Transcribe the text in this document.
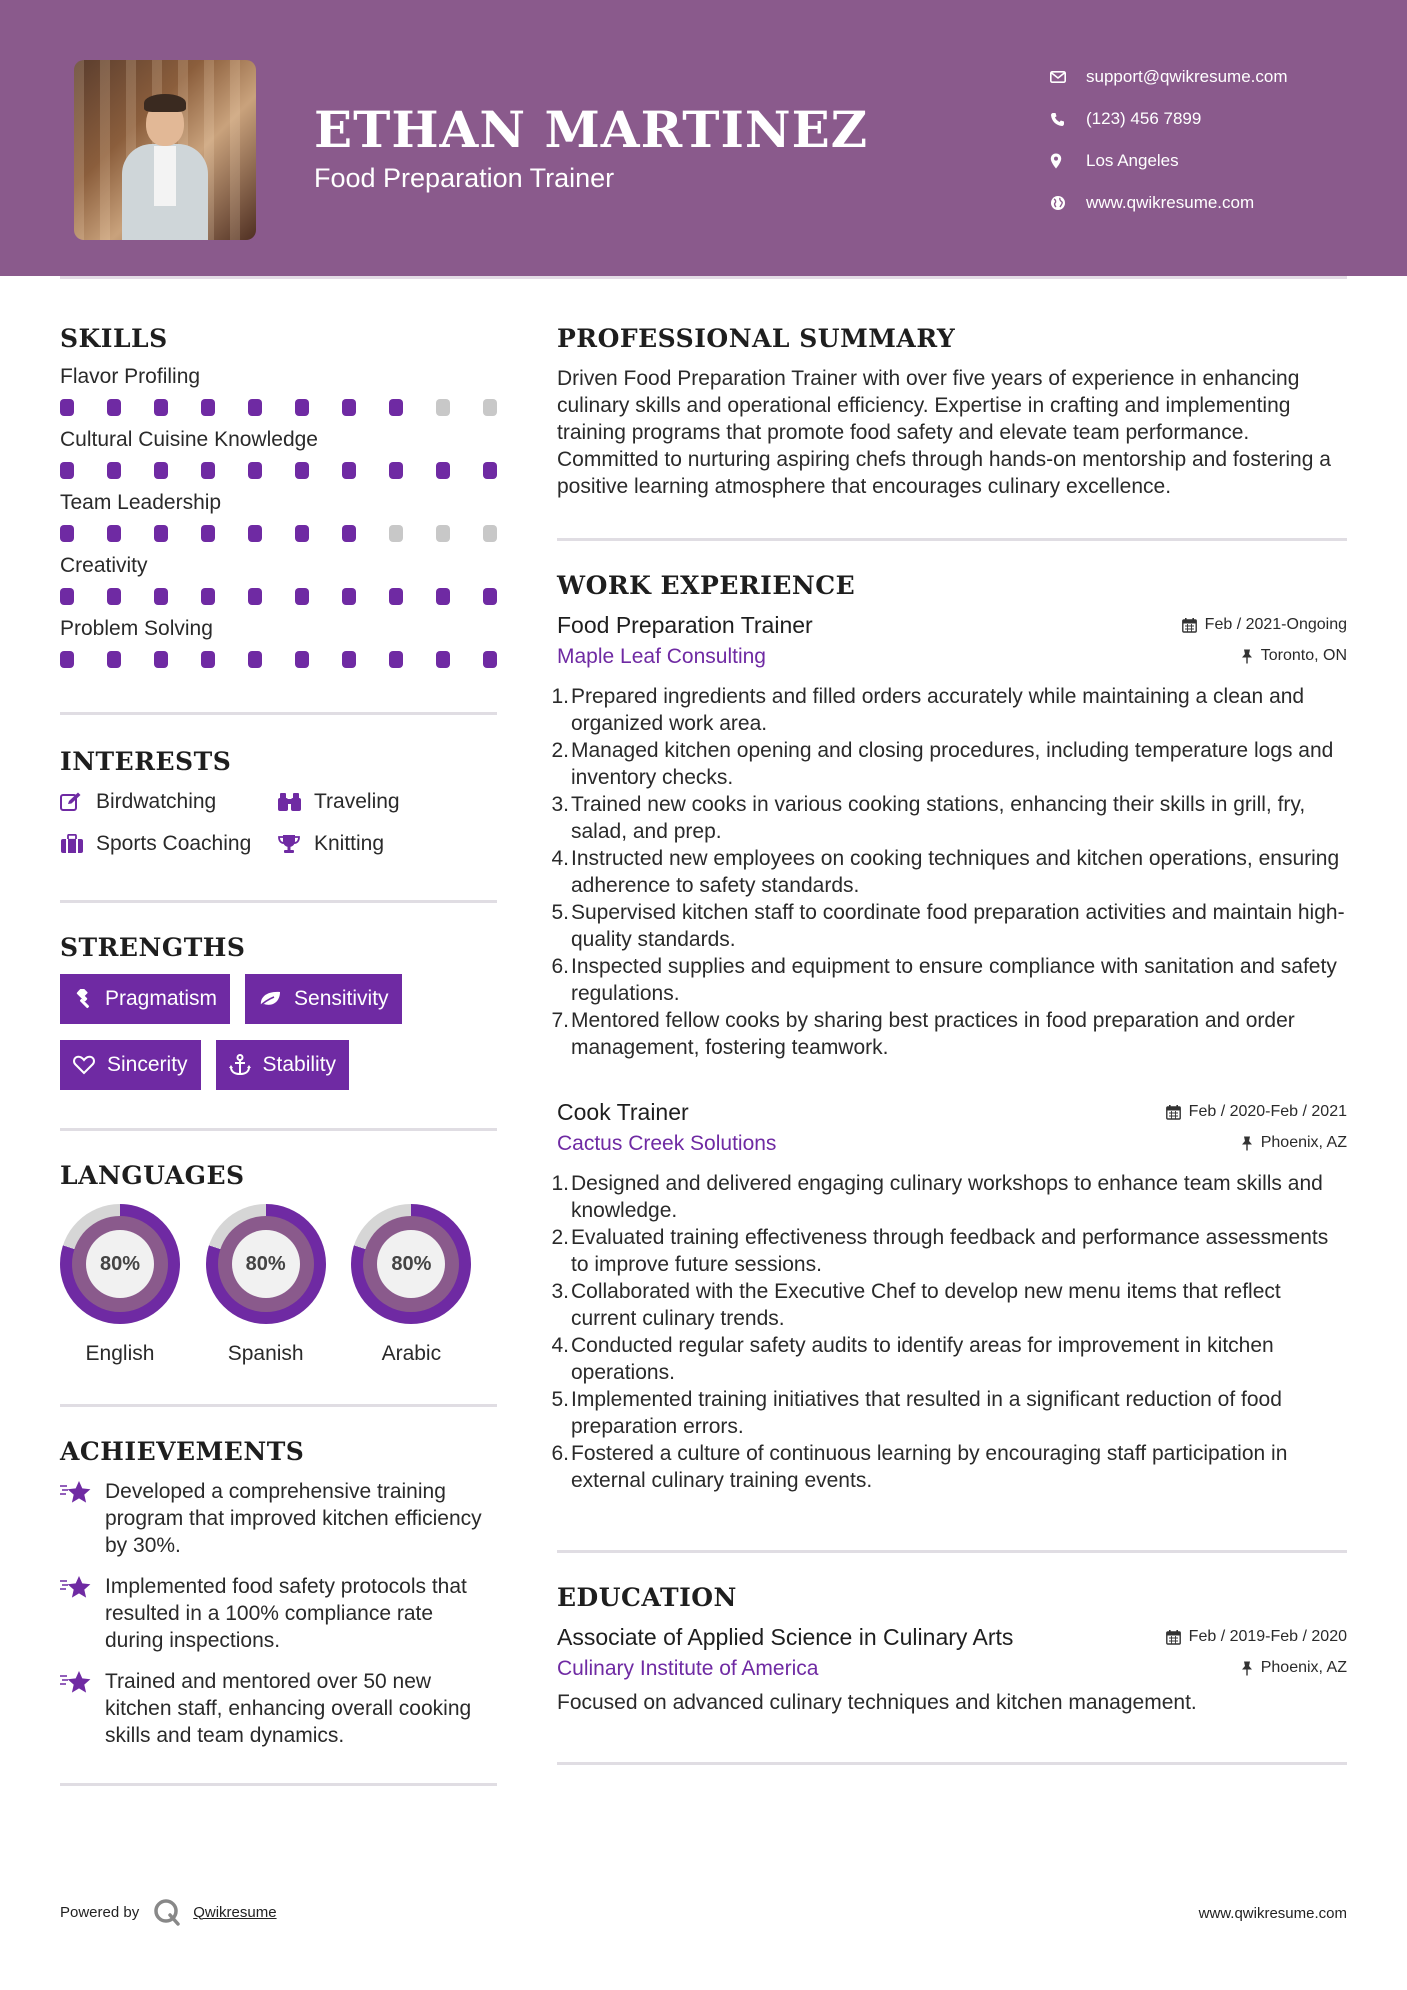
ETHAN MARTINEZ
Food Preparation Trainer
support@qwikresume.com
(123) 456 7899
Los Angeles
www.qwikresume.com
SKILLS
Flavor Profiling
Cultural Cuisine Knowledge
Team Leadership
Creativity
Problem Solving
INTERESTS
Birdwatching	Traveling
Sports Coaching	Knitting
STRENGTHS
Pragmatism	Sensitivity
Sincerity	Stability
LANGUAGES
80%
English
80%
Spanish
80%
Arabic
ACHIEVEMENTS
Developed a comprehensive training program that improved kitchen efficiency by 30%.
Implemented food safety protocols that resulted in a 100% compliance rate during inspections.
Trained and mentored over 50 new kitchen staff, enhancing overall cooking skills and team dynamics.
PROFESSIONAL SUMMARY
Driven Food Preparation Trainer with over five years of experience in enhancing culinary skills and operational efficiency. Expertise in crafting and implementing training programs that promote food safety and elevate team performance. Committed to nurturing aspiring chefs through hands-on mentorship and fostering a positive learning atmosphere that encourages culinary excellence.
WORK EXPERIENCE
Food Preparation Trainer	Feb / 2021-Ongoing
Maple Leaf Consulting	Toronto, ON
1. Prepared ingredients and filled orders accurately while maintaining a clean and organized work area.
2. Managed kitchen opening and closing procedures, including temperature logs and inventory checks.
3. Trained new cooks in various cooking stations, enhancing their skills in grill, fry, salad, and prep.
4. Instructed new employees on cooking techniques and kitchen operations, ensuring adherence to safety standards.
5. Supervised kitchen staff to coordinate food preparation activities and maintain high-quality standards.
6. Inspected supplies and equipment to ensure compliance with sanitation and safety regulations.
7. Mentored fellow cooks by sharing best practices in food preparation and order management, fostering teamwork.
Cook Trainer	Feb / 2020-Feb / 2021
Cactus Creek Solutions	Phoenix, AZ
1. Designed and delivered engaging culinary workshops to enhance team skills and knowledge.
2. Evaluated training effectiveness through feedback and performance assessments to improve future sessions.
3. Collaborated with the Executive Chef to develop new menu items that reflect current culinary trends.
4. Conducted regular safety audits to identify areas for improvement in kitchen operations.
5. Implemented training initiatives that resulted in a significant reduction of food preparation errors.
6. Fostered a culture of continuous learning by encouraging staff participation in external culinary training events.
EDUCATION
Associate of Applied Science in Culinary Arts	Feb / 2019-Feb / 2020
Culinary Institute of America	Phoenix, AZ
Focused on advanced culinary techniques and kitchen management.
Powered by	Qwikresume	www.qwikresume.com
